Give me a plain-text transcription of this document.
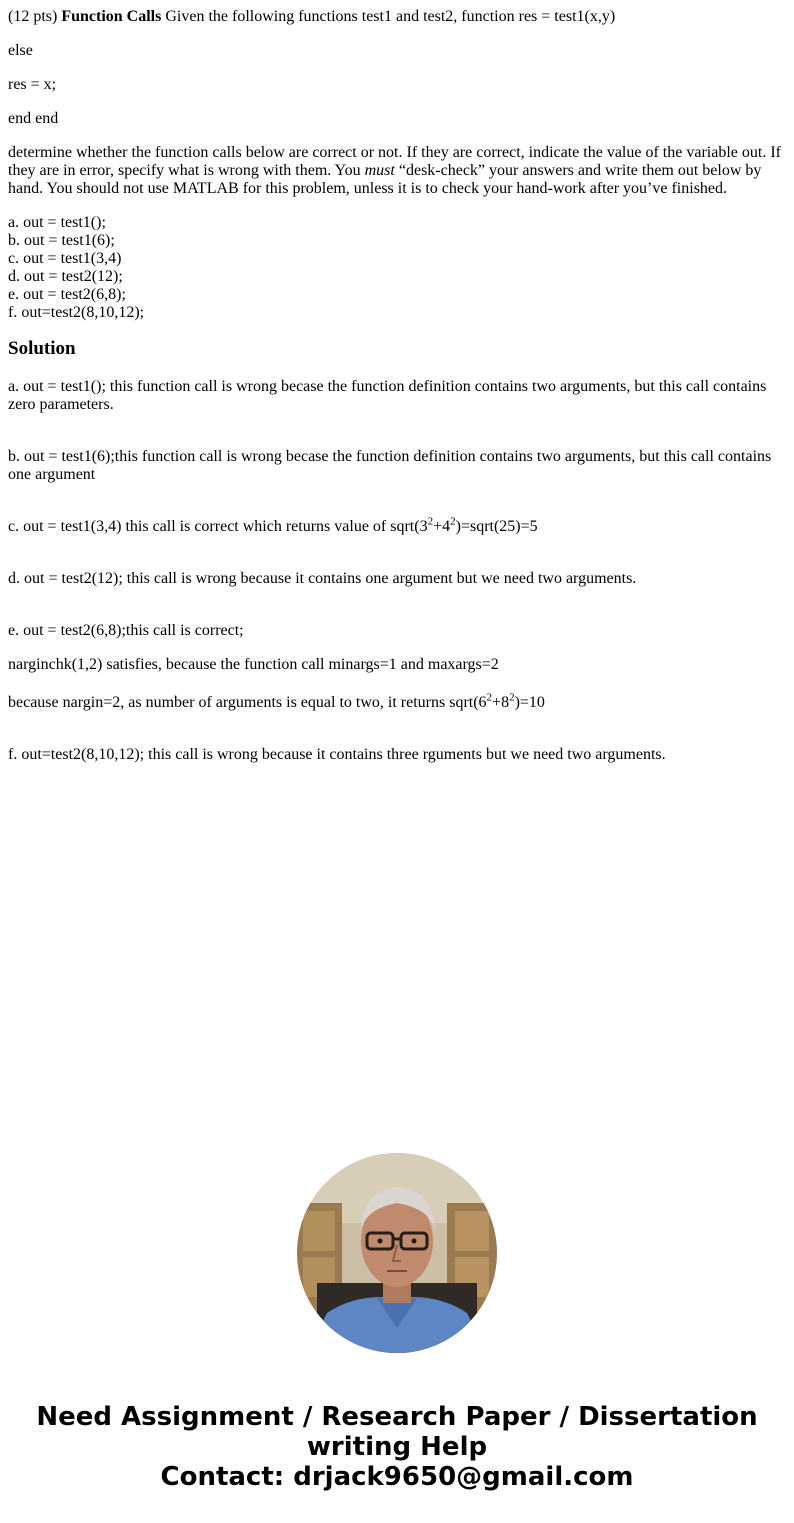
(12 pts) Function Calls Given the following functions test1 and test2, function res = test1(x,y)

else

res = x;

end end

determine whether the function calls below are correct or not. If they are correct, indicate the value of the variable out. If they are in error, specify what is wrong with them. You must “desk-check” your answers and write them out below by hand. You should not use MATLAB for this problem, unless it is to check your hand-work after you’ve finished.

a. out = test1();
b. out = test1(6);
c. out = test1(3,4)
d. out = test2(12);
e. out = test2(6,8);
f. out=test2(8,10,12);
Solution

a. out = test1(); this function call is wrong becase the function definition contains two arguments, but this call contains zero parameters.

b. out = test1(6);this function call is wrong becase the function definition contains two arguments, but this call contains one argument

c. out = test1(3,4) this call is correct which returns value of $sqrt(3^2+4^2)=sqrt(25)=5$

d. out = test2(12); this call is wrong because it contains one argument but we need two arguments.

e. out = test2(6,8);this call is correct;

narginchk(1,2) satisfies, because the function call minargs=1 and maxargs=2

because nargin=2, as number of arguments is equal to two, it returns $sqrt(6^2+8^2)=10$

f. out=test2(8,10,12); this call is wrong because it contains three rguments but we need two arguments.

Need Assignment / Research Paper / Dissertation
writing Help
Contact: drjack9650@gmail.com
